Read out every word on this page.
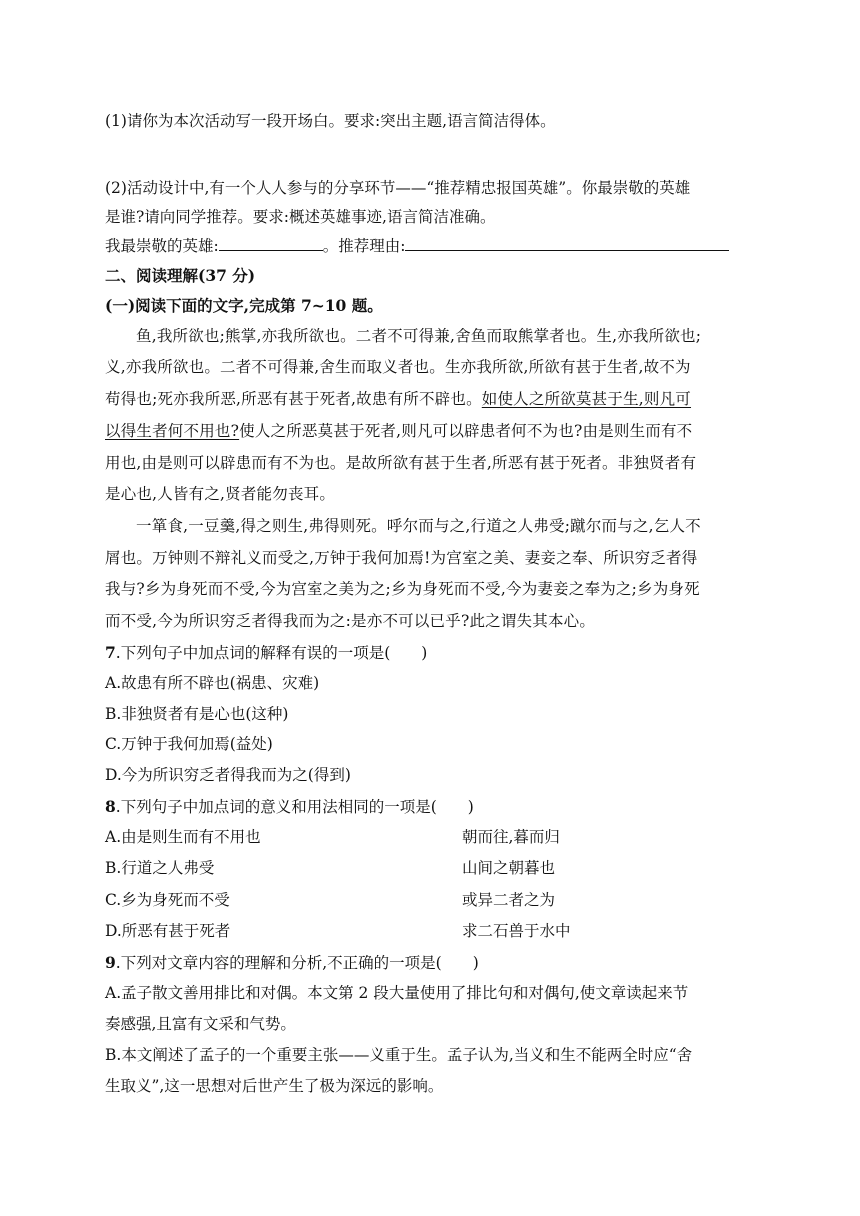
(1)请你为本次活动写一段开场白。要求:突出主题,语言简洁得体。
(2)活动设计中,有一个人人参与的分享环节——“推荐精忠报国英雄”。你最崇敬的英雄
是谁?请向同学推荐。要求:概述英雄事迹,语言简洁准确。
我最崇敬的英雄:	。推荐理由:
二、阅读理解(37 分)
(一)阅读下面的文字,完成第 7~10 题。
鱼,我所欲也;熊掌,亦我所欲也。二者不可得兼,舍鱼而取熊掌者也。生,亦我所欲也;
义,亦我所欲也。二者不可得兼,舍生而取义者也。生亦我所欲,所欲有甚于生者,故不为
苟得也;死亦我所恶,所恶有甚于死者,故患有所不辟也。如使人之所欲莫甚于生,则凡可
以得生者何不用也?使人之所恶莫甚于死者,则凡可以辟患者何不为也?由是则生而有不
用也,由是则可以辟患而有不为也。是故所欲有甚于生者,所恶有甚于死者。非独贤者有
是心也,人皆有之,贤者能勿丧耳。
一箪食,一豆羹,得之则生,弗得则死。呼尔而与之,行道之人弗受;蹴尔而与之,乞人不
屑也。万钟则不辩礼义而受之,万钟于我何加焉!为宫室之美、妻妾之奉、所识穷乏者得
我与?乡为身死而不受,今为宫室之美为之;乡为身死而不受,今为妻妾之奉为之;乡为身死
而不受,今为所识穷乏者得我而为之:是亦不可以已乎?此之谓失其本心。
7.下列句子中加点词的解释有误的一项是(　　)
A.故患有所不辟也(祸患、灾难)
B.非独贤者有是心也(这种)
C.万钟于我何加焉(益处)
D.今为所识穷乏者得我而为之(得到)
8.下列句子中加点词的意义和用法相同的一项是(　　)
A.由是则生而有不用也	朝而往,暮而归
B.行道之人弗受	山间之朝暮也
C.乡为身死而不受	或异二者之为
D.所恶有甚于死者	求二石兽于水中
9.下列对文章内容的理解和分析,不正确的一项是(　　)
A.孟子散文善用排比和对偶。本文第 2 段大量使用了排比句和对偶句,使文章读起来节
奏感强,且富有文采和气势。
B.本文阐述了孟子的一个重要主张——义重于生。孟子认为,当义和生不能两全时应“舍
生取义”,这一思想对后世产生了极为深远的影响。
